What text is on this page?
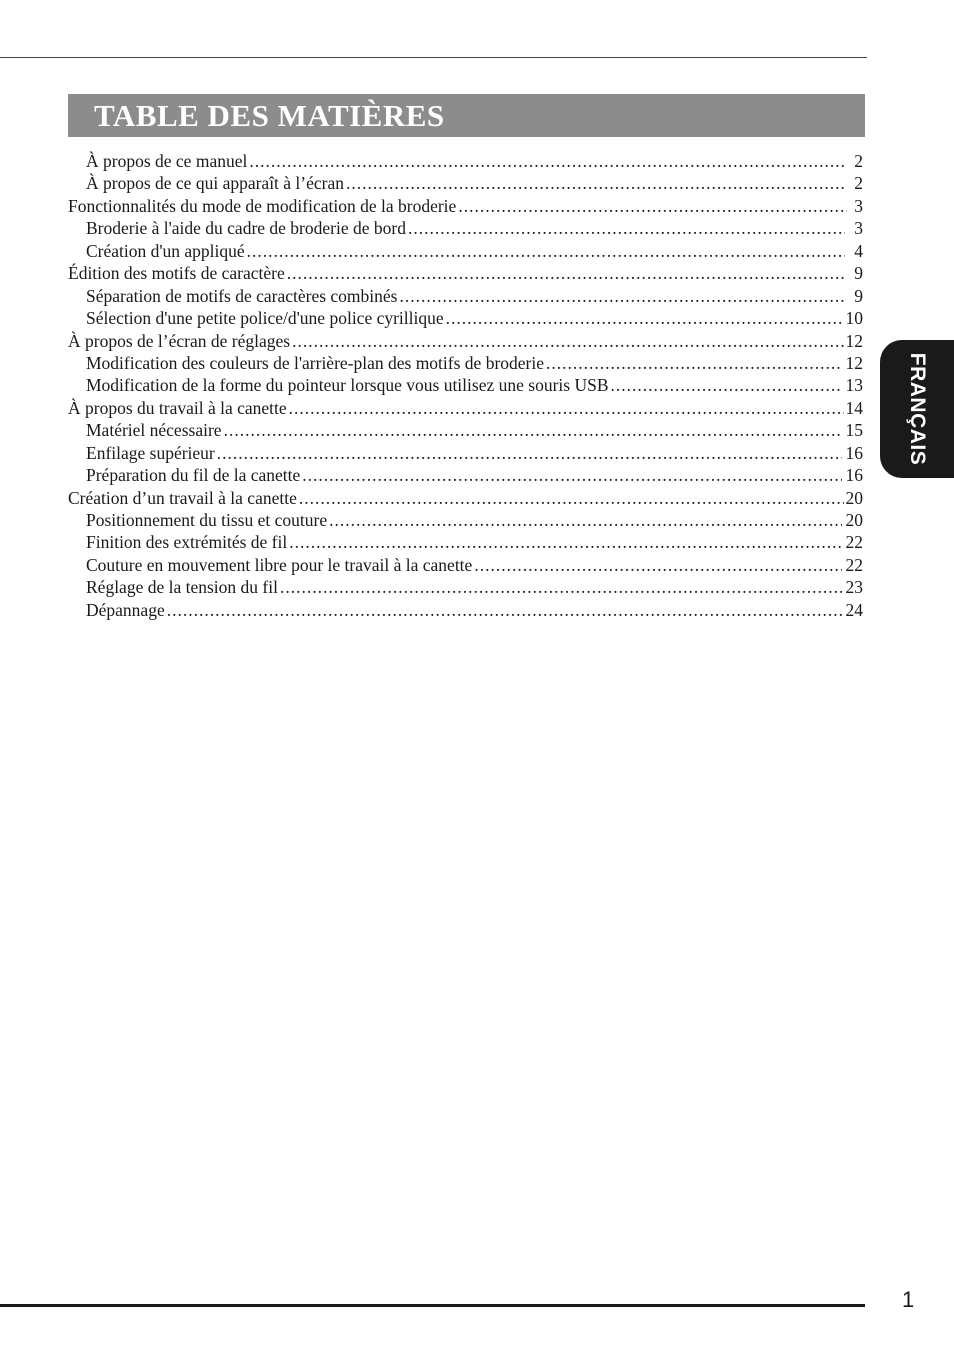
TABLE DES MATIÈRES
À propos de ce manuel .....	2
À propos de ce qui apparaît à l’écran .....	2
Fonctionnalités du mode de modification de la broderie .....	3
Broderie à l'aide du cadre de broderie de bord .....	3
Création d'un appliqué .....	4
Édition des motifs de caractère .....	9
Séparation de motifs de caractères combinés .....	9
Sélection d'une petite police/d'une police cyrillique .....	10
À propos de l’écran de réglages .....	12
Modification des couleurs de l'arrière-plan des motifs de broderie .....	12
Modification de la forme du pointeur lorsque vous utilisez une souris USB .....	13
À propos du travail à la canette .....	14
Matériel nécessaire .....	15
Enfilage supérieur .....	16
Préparation du fil de la canette .....	16
Création d’un travail à la canette .....	20
Positionnement du tissu et couture .....	20
Finition des extrémités de fil .....	22
Couture en mouvement libre pour le travail à la canette .....	22
Réglage de la tension du fil .....	23
Dépannage .....	24
FRANÇAIS
1
